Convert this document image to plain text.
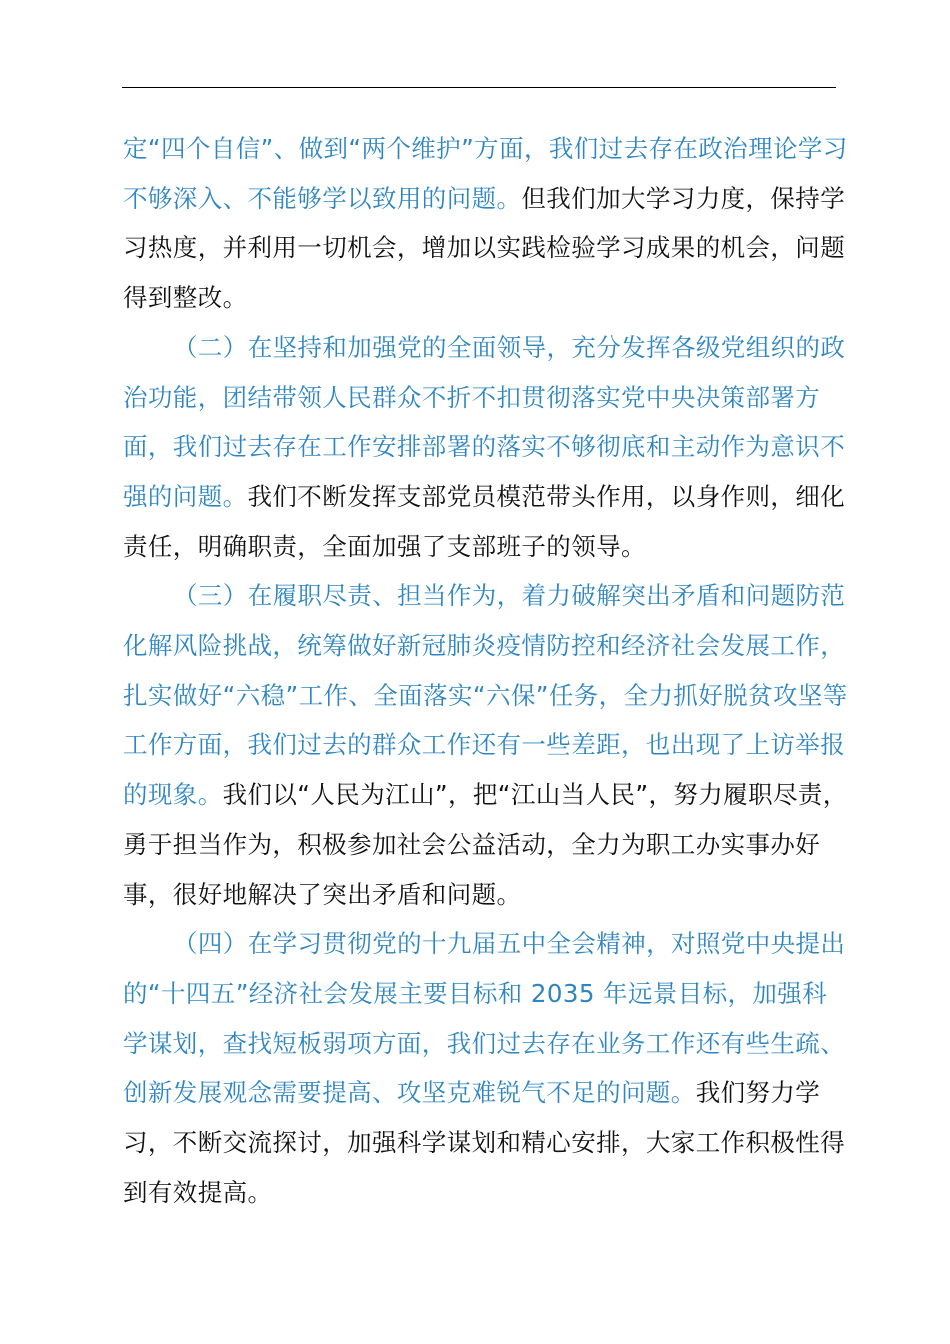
定“四个自信”、做到“两个维护”方面，我们过去存在政治理论学习不够深入、不能够学以致用的问题。但我们加大学习力度，保持学习热度，并利用一切机会，增加以实践检验学习成果的机会，问题得到整改。

（二）在坚持和加强党的全面领导，充分发挥各级党组织的政治功能，团结带领人民群众不折不扣贯彻落实党中央决策部署方面，我们过去存在工作安排部署的落实不够彻底和主动作为意识不强的问题。我们不断发挥支部党员模范带头作用，以身作则，细化责任，明确职责，全面加强了支部班子的领导。

（三）在履职尽责、担当作为，着力破解突出矛盾和问题防范化解风险挑战，统筹做好新冠肺炎疫情防控和经济社会发展工作，扎实做好“六稳”工作、全面落实“六保”任务，全力抓好脱贫攻坚等工作方面，我们过去的群众工作还有一些差距，也出现了上访举报的现象。我们以“人民为江山”，把“江山当人民”，努力履职尽责，勇于担当作为，积极参加社会公益活动，全力为职工办实事办好事，很好地解决了突出矛盾和问题。

（四）在学习贯彻党的十九届五中全会精神，对照党中央提出的“十四五”经济社会发展主要目标和 2035 年远景目标，加强科学谋划，查找短板弱项方面，我们过去存在业务工作还有些生疏、创新发展观念需要提高、攻坚克难锐气不足的问题。我们努力学习，不断交流探讨，加强科学谋划和精心安排，大家工作积极性得到有效提高。
